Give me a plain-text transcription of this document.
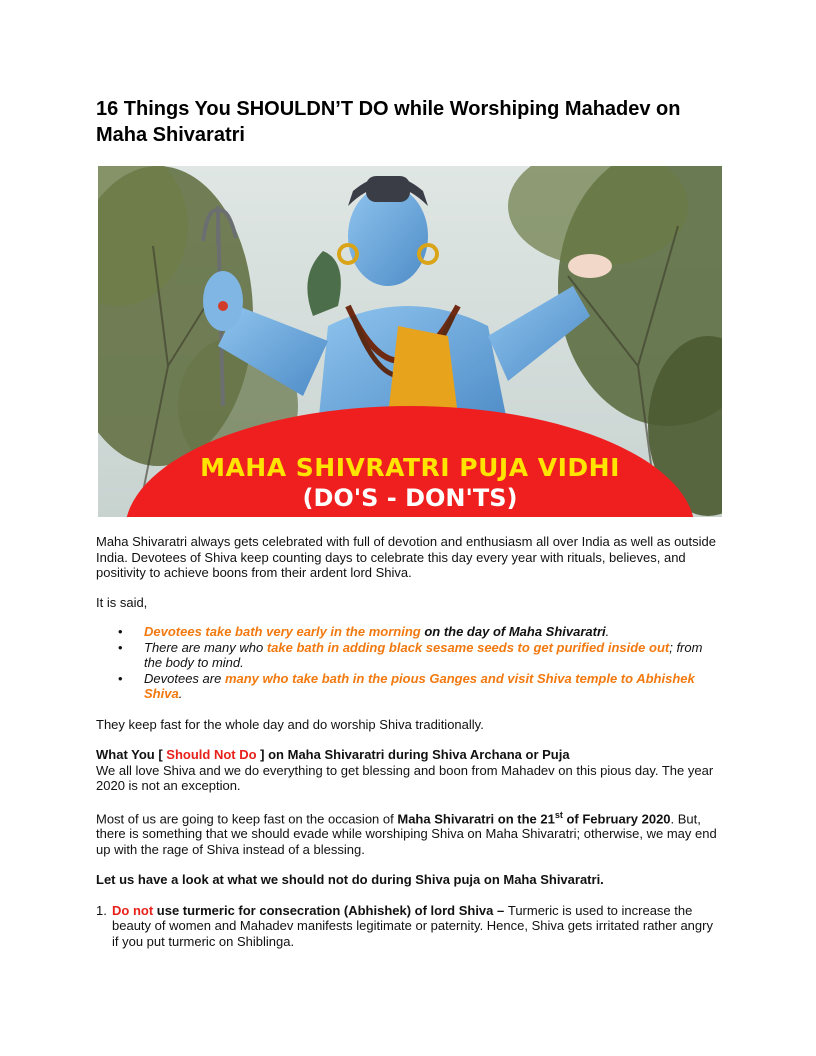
16 Things You SHOULDN’T DO while Worshiping Mahadev on Maha Shivaratri
MAHA SHIVRATRI PUJA VIDHI
(DO'S - DON'TS)

Maha Shivaratri always gets celebrated with full of devotion and enthusiasm all over India as well as outside India. Devotees of Shiva keep counting days to celebrate this day every year with rituals, believes, and positivity to achieve boons from their ardent lord Shiva.

It is said,

• Devotees take bath very early in the morning on the day of Maha Shivaratri.
• There are many who take bath in adding black sesame seeds to get purified inside out; from the body to mind.
• Devotees are many who take bath in the pious Ganges and visit Shiva temple to Abhishek Shiva.

They keep fast for the whole day and do worship Shiva traditionally.

What You [ Should Not Do ] on Maha Shivaratri during Shiva Archana or Puja

We all love Shiva and we do everything to get blessing and boon from Mahadev on this pious day. The year 2020 is not an exception.

Most of us are going to keep fast on the occasion of Maha Shivaratri on the 21st of February 2020. But, there is something that we should evade while worshiping Shiva on Maha Shivaratri; otherwise, we may end up with the rage of Shiva instead of a blessing.

Let us have a look at what we should not do during Shiva puja on Maha Shivaratri.

1. Do not use turmeric for consecration (Abhishek) of lord Shiva – Turmeric is used to increase the beauty of women and Mahadev manifests legitimate or paternity. Hence, Shiva gets irritated rather angry if you put turmeric on Shiblinga.
